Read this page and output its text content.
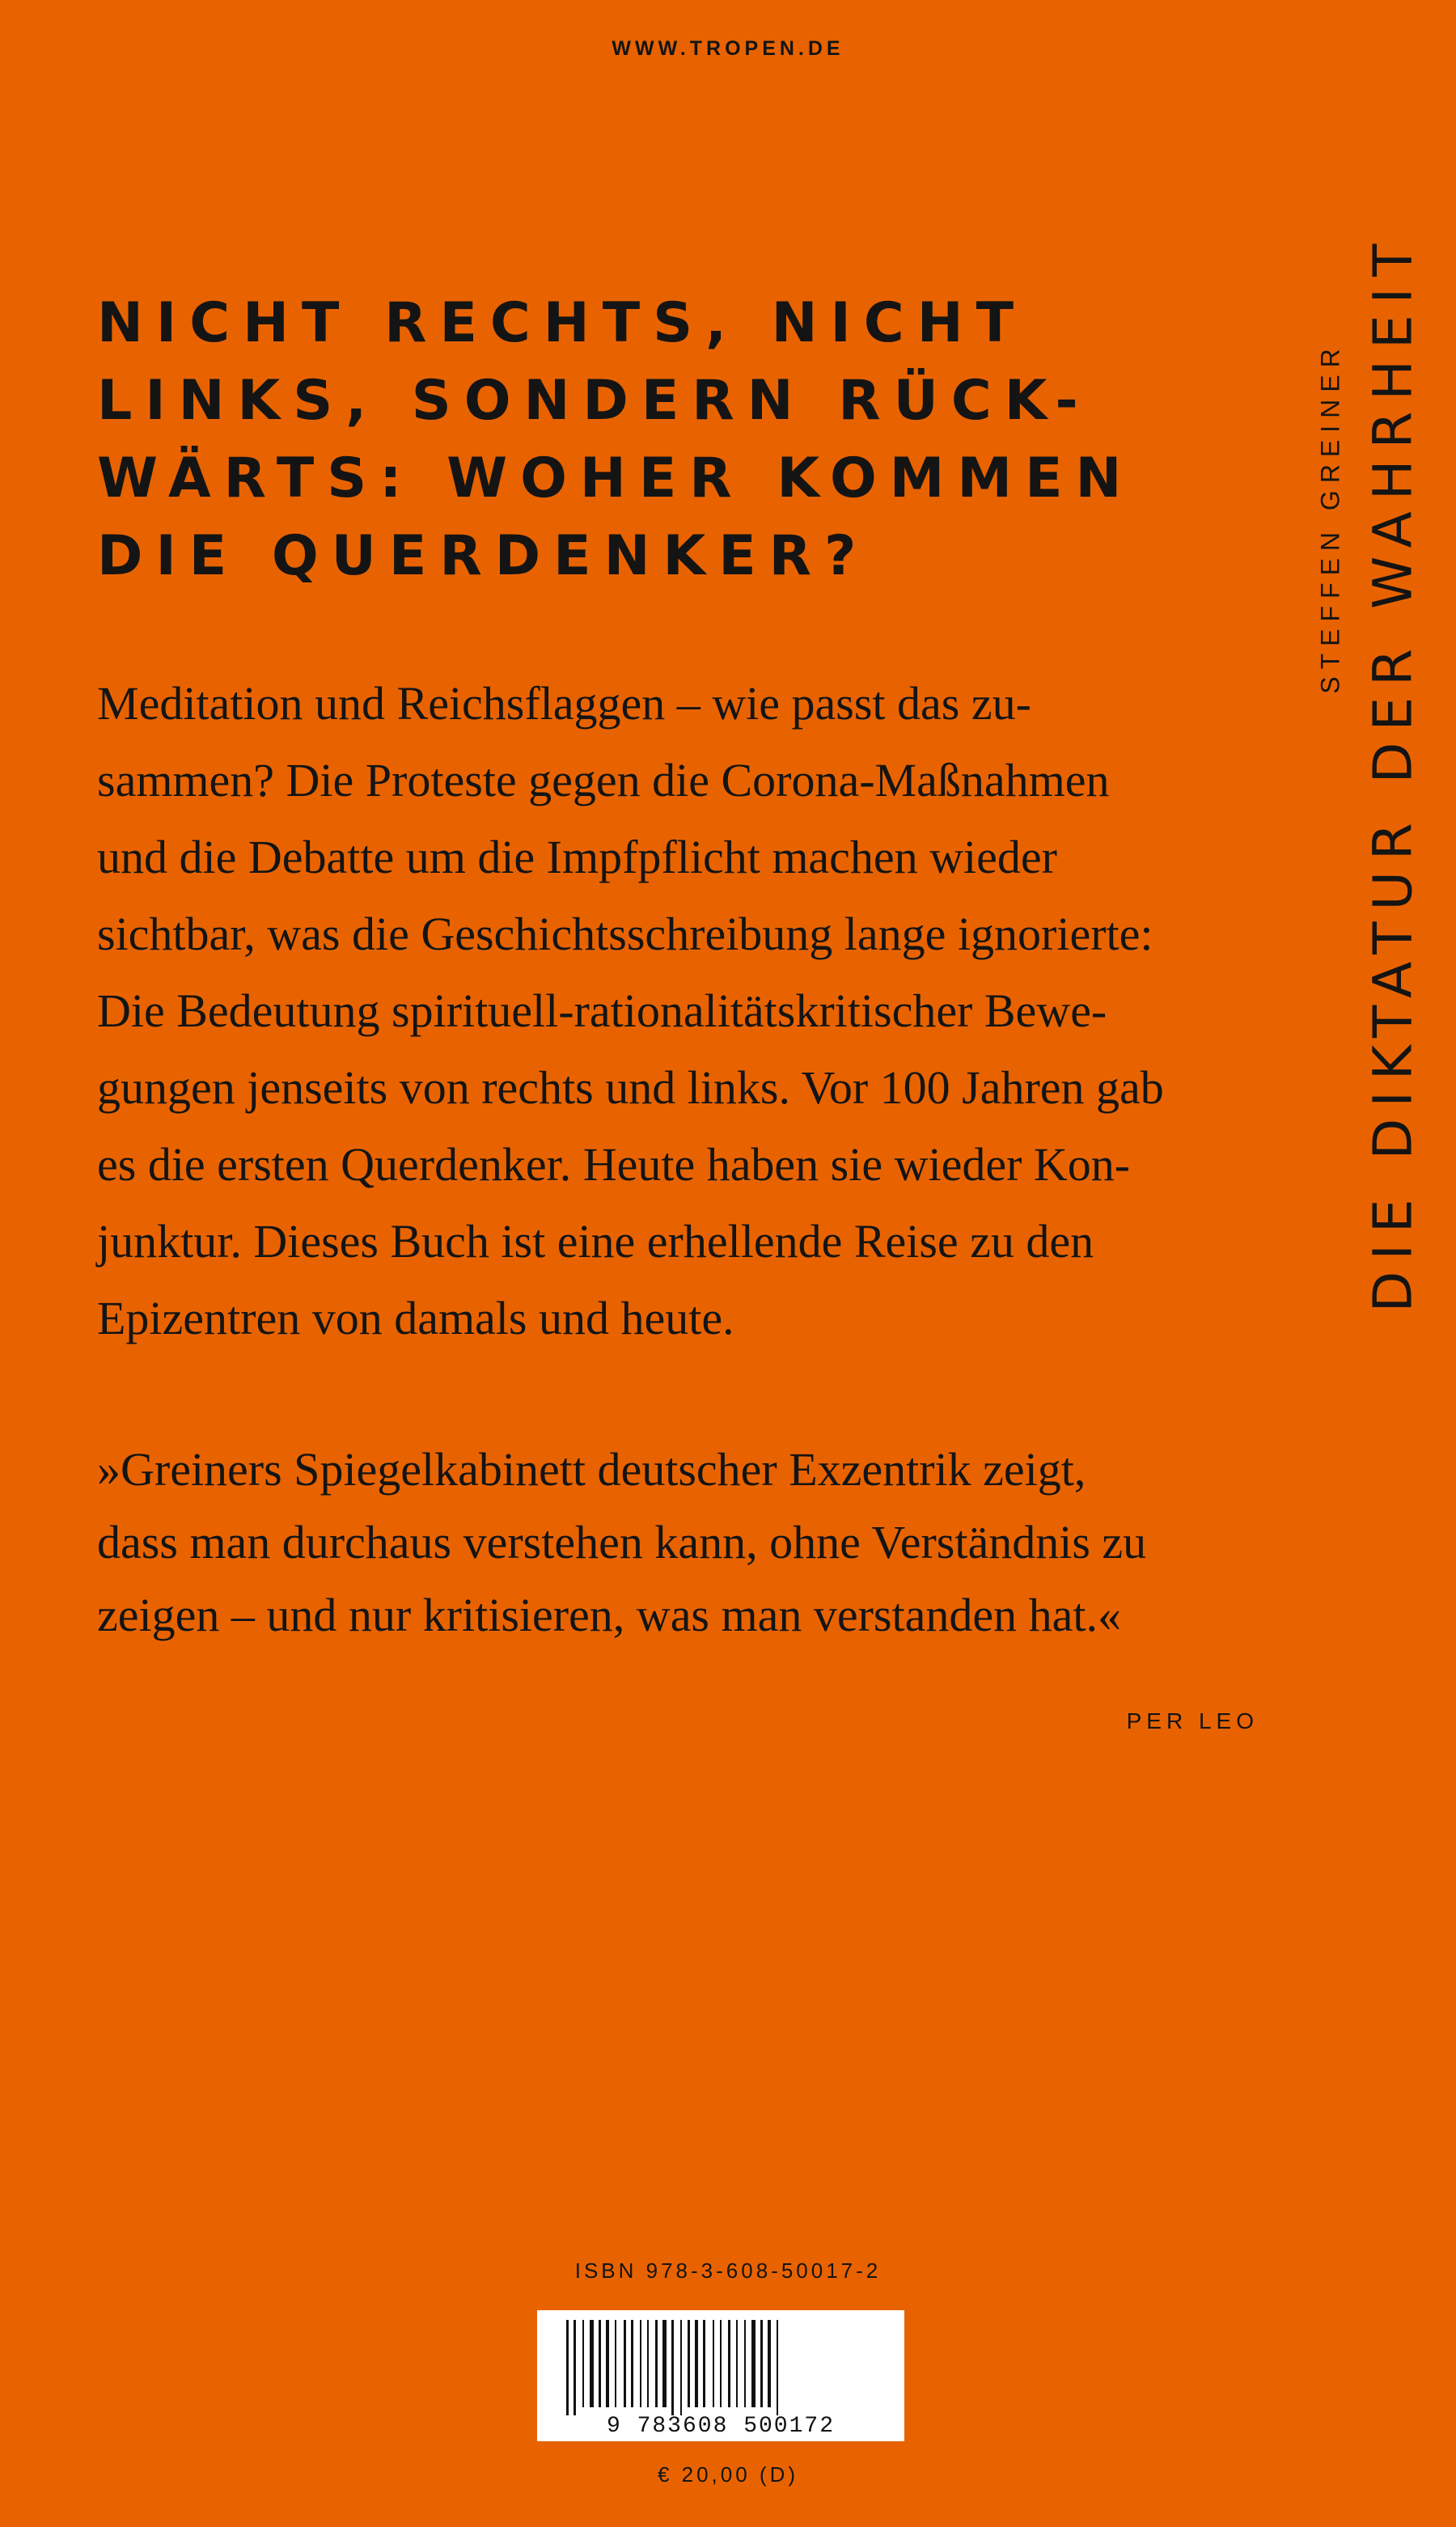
WWW.TROPEN.DE
NICHT RECHTS, NICHT
LINKS, SONDERN RÜCK-
WÄRTS: WOHER KOMMEN
DIE QUERDENKER?
Meditation und Reichsflaggen – wie passt das zu-
sammen? Die Proteste gegen die Corona-Maßnahmen
und die Debatte um die Impfpflicht machen wieder
sichtbar, was die Geschichtsschreibung lange ignorierte:
Die Bedeutung spirituell-rationalitätskritischer Bewe-
gungen jenseits von rechts und links. Vor 100 Jahren gab
es die ersten Querdenker. Heute haben sie wieder Kon-
junktur. Dieses Buch ist eine erhellende Reise zu den
Epizentren von damals und heute.
»Greiners Spiegelkabinett deutscher Exzentrik zeigt,
dass man durchaus verstehen kann, ohne Verständnis zu
zeigen – und nur kritisieren, was man verstanden hat.«
PER LEO
STEFFEN GREINER DIE DIKTATUR DER WAHRHEIT
ISBN 978-3-608-50017-2
9 783608 500172
€ 20,00 (D)
